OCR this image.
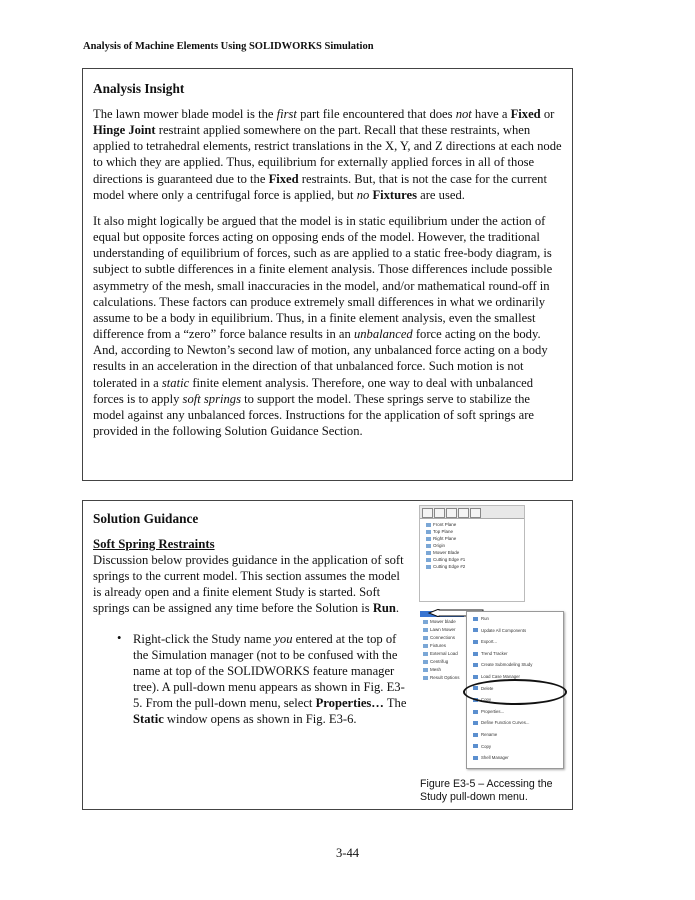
Analysis of Machine Elements Using SOLIDWORKS Simulation
Analysis Insight

The lawn mower blade model is the first part file encountered that does not have a Fixed or Hinge Joint restraint applied somewhere on the part. Recall that these restraints, when applied to tetrahedral elements, restrict translations in the X, Y, and Z directions at each node to which they are applied. Thus, equilibrium for externally applied forces in all of those directions is guaranteed due to the Fixed restraints. But, that is not the case for the current model where only a centrifugal force is applied, but no Fixtures are used.

It also might logically be argued that the model is in static equilibrium under the action of equal but opposite forces acting on opposing ends of the model. However, the traditional understanding of equilibrium of forces, such as are applied to a static free-body diagram, is subject to subtle differences in a finite element analysis. Those differences include possible asymmetry of the mesh, small inaccuracies in the model, and/or mathematical round-off in calculations. These factors can produce extremely small differences in what we ordinarily assume to be a body in equilibrium. Thus, in a finite element analysis, even the smallest difference from a “zero” force balance results in an unbalanced force acting on the body. And, according to Newton’s second law of motion, any unbalanced force acting on a body results in an acceleration in the direction of that unbalanced force. Such motion is not tolerated in a static finite element analysis. Therefore, one way to deal with unbalanced forces is to apply soft springs to support the model. These springs serve to stabilize the model against any unbalanced forces. Instructions for the application of soft springs are provided in the following Solution Guidance Section.

Solution Guidance
Soft Spring Restraints

Discussion below provides guidance in the application of soft springs to the current model. This section assumes the model is already open and a finite element Study is started. Soft springs can be assigned any time before the Solution is Run.

• Right-click the Study name you entered at the top of the Simulation manager (not to be confused with the name at top of the SOLIDWORKS feature manager tree). A pull-down menu appears as shown in Fig. E3-5. From the pull-down menu, select Properties… The Static window opens as shown in Fig. E3-6.

Front Plane
Top Plane
Right Plane
Origin
Mower Blade
Cutting Edge #1
Cutting Edge #2
Mower blade
Lawn Mower
Connections
Fixtures
External Load
Centrifug
Mesh
Result Options
Run
Update All Components
Export...
Trend Tracker
Create Submodeling Study
Load Case Manager
Delete
Copy
Properties...
Define Function Curves...
Rename
Copy
Shell Manager
Figure E3-5 – Accessing the Study pull-down menu.
3-44
